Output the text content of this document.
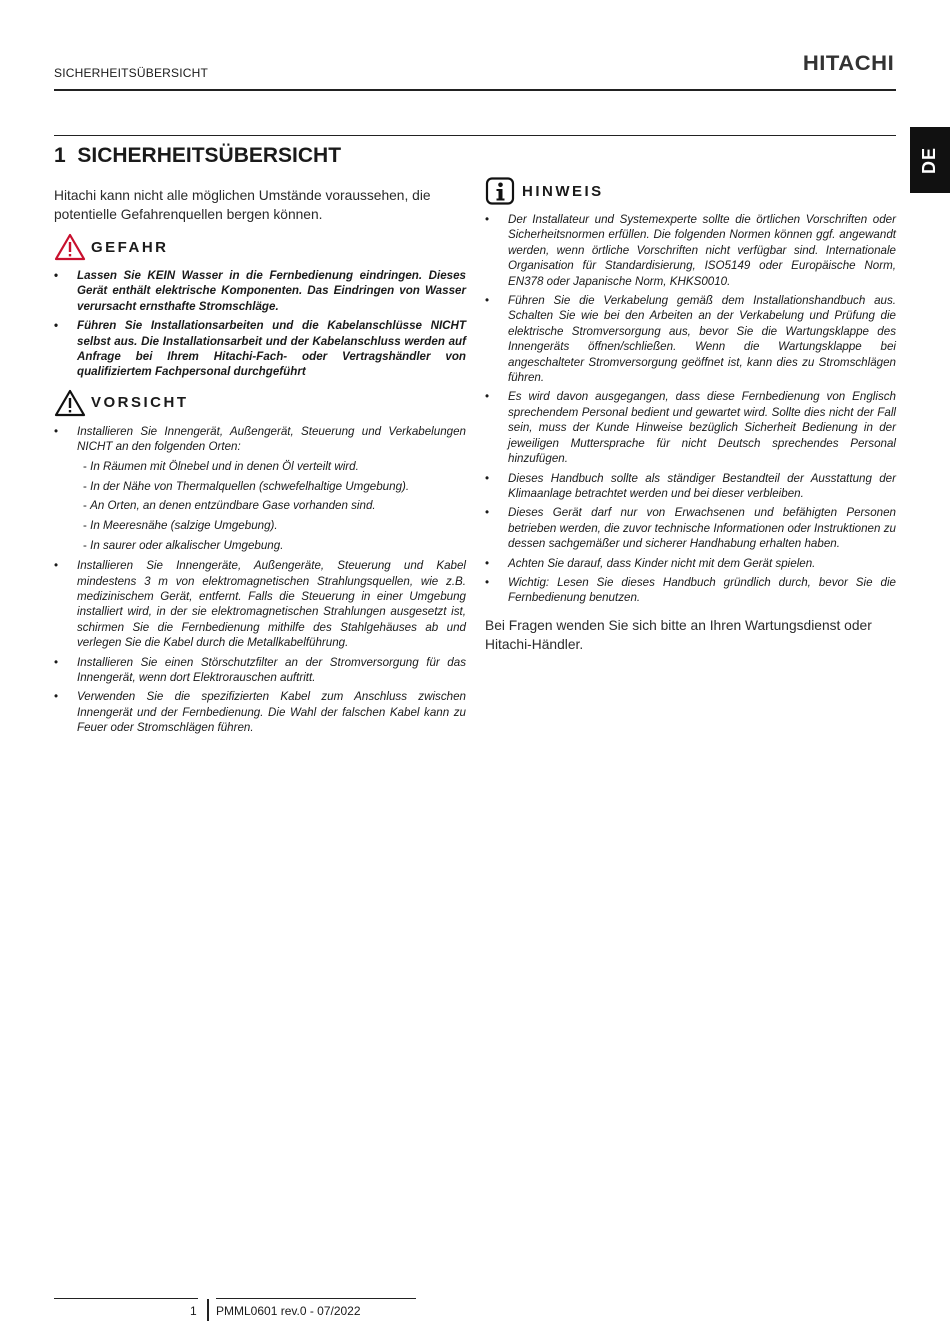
SICHERHEITSÜBERSICHT	HITACHI
DE
1 SICHERHEITSÜBERSICHT

Hitachi kann nicht alle möglichen Umstände voraussehen, die potentielle Gefahrenquellen bergen können.

GEFAHR
• Lassen Sie KEIN Wasser in die Fernbedienung eindringen. Dieses Gerät enthält elektrische Komponenten. Das Eindringen von Wasser verursacht ernsthafte Stromschläge.
• Führen Sie Installationsarbeiten und die Kabelanschlüsse NICHT selbst aus. Die Installationsarbeit und der Kabelanschluss werden auf Anfrage bei Ihrem Hitachi-Fach- oder Vertragshändler von qualifiziertem Fachpersonal durchgeführt
VORSICHT
• Installieren Sie Innengerät, Außengerät, Steuerung und Verkabelungen NICHT an den folgenden Orten:
- In Räumen mit Ölnebel und in denen Öl verteilt wird.
- In der Nähe von Thermalquellen (schwefelhaltige Umgebung).
- An Orten, an denen entzündbare Gase vorhanden sind.
- In Meeresnähe (salzige Umgebung).
- In saurer oder alkalischer Umgebung.
• Installieren Sie Innengeräte, Außengeräte, Steuerung und Kabel mindestens 3 m von elektromagnetischen Strahlungsquellen, wie z.B. medizinischem Gerät, entfernt. Falls die Steuerung in einer Umgebung installiert wird, in der sie elektromagnetischen Strahlungen ausgesetzt ist, schirmen Sie die Fernbedienung mithilfe des Stahlgehäuses ab und verlegen Sie die Kabel durch die Metallkabelführung.
• Installieren Sie einen Störschutzfilter an der Stromversorgung für das Innengerät, wenn dort Elektrorauschen auftritt.
• Verwenden Sie die spezifizierten Kabel zum Anschluss zwischen Innengerät und der Fernbedienung. Die Wahl der falschen Kabel kann zu Feuer oder Stromschlägen führen.
HINWEIS
• Der Installateur und Systemexperte sollte die örtlichen Vorschriften oder Sicherheitsnormen erfüllen. Die folgenden Normen können ggf. angewandt werden, wenn örtliche Vorschriften nicht verfügbar sind. Internationale Organisation für Standardisierung, ISO5149 oder Europäische Norm, EN378 oder Japanische Norm, KHKS0010.
• Führen Sie die Verkabelung gemäß dem Installationshandbuch aus. Schalten Sie wie bei den Arbeiten an der Verkabelung und Prüfung die elektrische Stromversorgung aus, bevor Sie die Wartungsklappe des Innengeräts öffnen/schließen. Wenn die Wartungsklappe bei angeschalteter Stromversorgung geöffnet ist, kann dies zu Stromschlägen führen.
• Es wird davon ausgegangen, dass diese Fernbedienung von Englisch sprechendem Personal bedient und gewartet wird. Sollte dies nicht der Fall sein, muss der Kunde Hinweise bezüglich Sicherheit Bedienung in der jeweiligen Muttersprache für nicht Deutsch sprechendes Personal hinzufügen.
• Dieses Handbuch sollte als ständiger Bestandteil der Ausstattung der Klimaanlage betrachtet werden und bei dieser verbleiben.
• Dieses Gerät darf nur von Erwachsenen und befähigten Personen betrieben werden, die zuvor technische Informationen oder Instruktionen zu dessen sachgemäßer und sicherer Handhabung erhalten haben.
• Achten Sie darauf, dass Kinder nicht mit dem Gerät spielen.
• Wichtig: Lesen Sie dieses Handbuch gründlich durch, bevor Sie die Fernbedienung benutzen.

Bei Fragen wenden Sie sich bitte an Ihren Wartungsdienst oder Hitachi-Händler.

1 PMML0601 rev.0 - 07/2022
